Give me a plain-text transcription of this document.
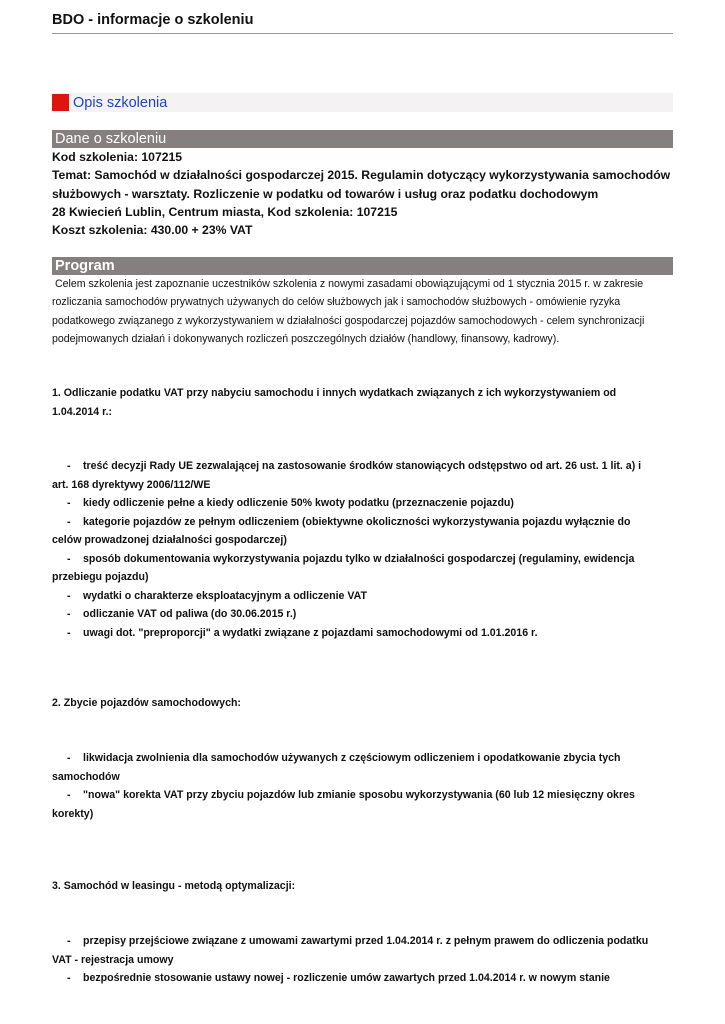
BDO - informacje o szkoleniu
Opis szkolenia
Dane o szkoleniu
Kod szkolenia: 107215
Temat: Samochód w działalności gospodarczej 2015. Regulamin dotyczący wykorzystywania samochodów
służbowych - warsztaty. Rozliczenie w podatku od towarów i usług oraz podatku dochodowym
28 Kwiecień Lublin, Centrum miasta, Kod szkolenia: 107215
Koszt szkolenia: 430.00 + 23% VAT
Program
Celem szkolenia jest zapoznanie uczestników szkolenia z nowymi zasadami obowiązującymi od 1 stycznia 2015 r. w zakresie
rozliczania samochodów prywatnych używanych do celów służbowych jak i samochodów służbowych - omówienie ryzyka
podatkowego związanego z wykorzystywaniem w działalności gospodarczej pojazdów samochodowych - celem synchronizacji
podejmowanych działań i dokonywanych rozliczeń poszczególnych działów (handlowy, finansowy, kadrowy).
1. Odliczanie podatku VAT przy nabyciu samochodu i innych wydatkach związanych z ich wykorzystywaniem od
1.04.2014 r.:
- treść decyzji Rady UE zezwalającej na zastosowanie środków stanowiących odstępstwo od art. 26 ust. 1 lit. a) i
art. 168 dyrektywy 2006/112/WE
- kiedy odliczenie pełne a kiedy odliczenie 50% kwoty podatku (przeznaczenie pojazdu)
- kategorie pojazdów ze pełnym odliczeniem (obiektywne okoliczności wykorzystywania pojazdu wyłącznie do
celów prowadzonej działalności gospodarczej)
- sposób dokumentowania wykorzystywania pojazdu tylko w działalności gospodarczej (regulaminy, ewidencja
przebiegu pojazdu)
- wydatki o charakterze eksploatacyjnym a odliczenie VAT
- odliczanie VAT od paliwa (do 30.06.2015 r.)
- uwagi dot. "preproporcji" a wydatki związane z pojazdami samochodowymi od 1.01.2016 r.
2. Zbycie pojazdów samochodowych:
- likwidacja zwolnienia dla samochodów używanych z częściowym odliczeniem i opodatkowanie zbycia tych
samochodów
- "nowa" korekta VAT przy zbyciu pojazdów lub zmianie sposobu wykorzystywania (60 lub 12 miesięczny okres
korekty)
3. Samochód w leasingu - metodą optymalizacji:
- przepisy przejściowe związane z umowami zawartymi przed 1.04.2014 r. z pełnym prawem do odliczenia podatku
VAT - rejestracja umowy
- bezpośrednie stosowanie ustawy nowej - rozliczenie umów zawartych przed 1.04.2014 r. w nowym stanie
